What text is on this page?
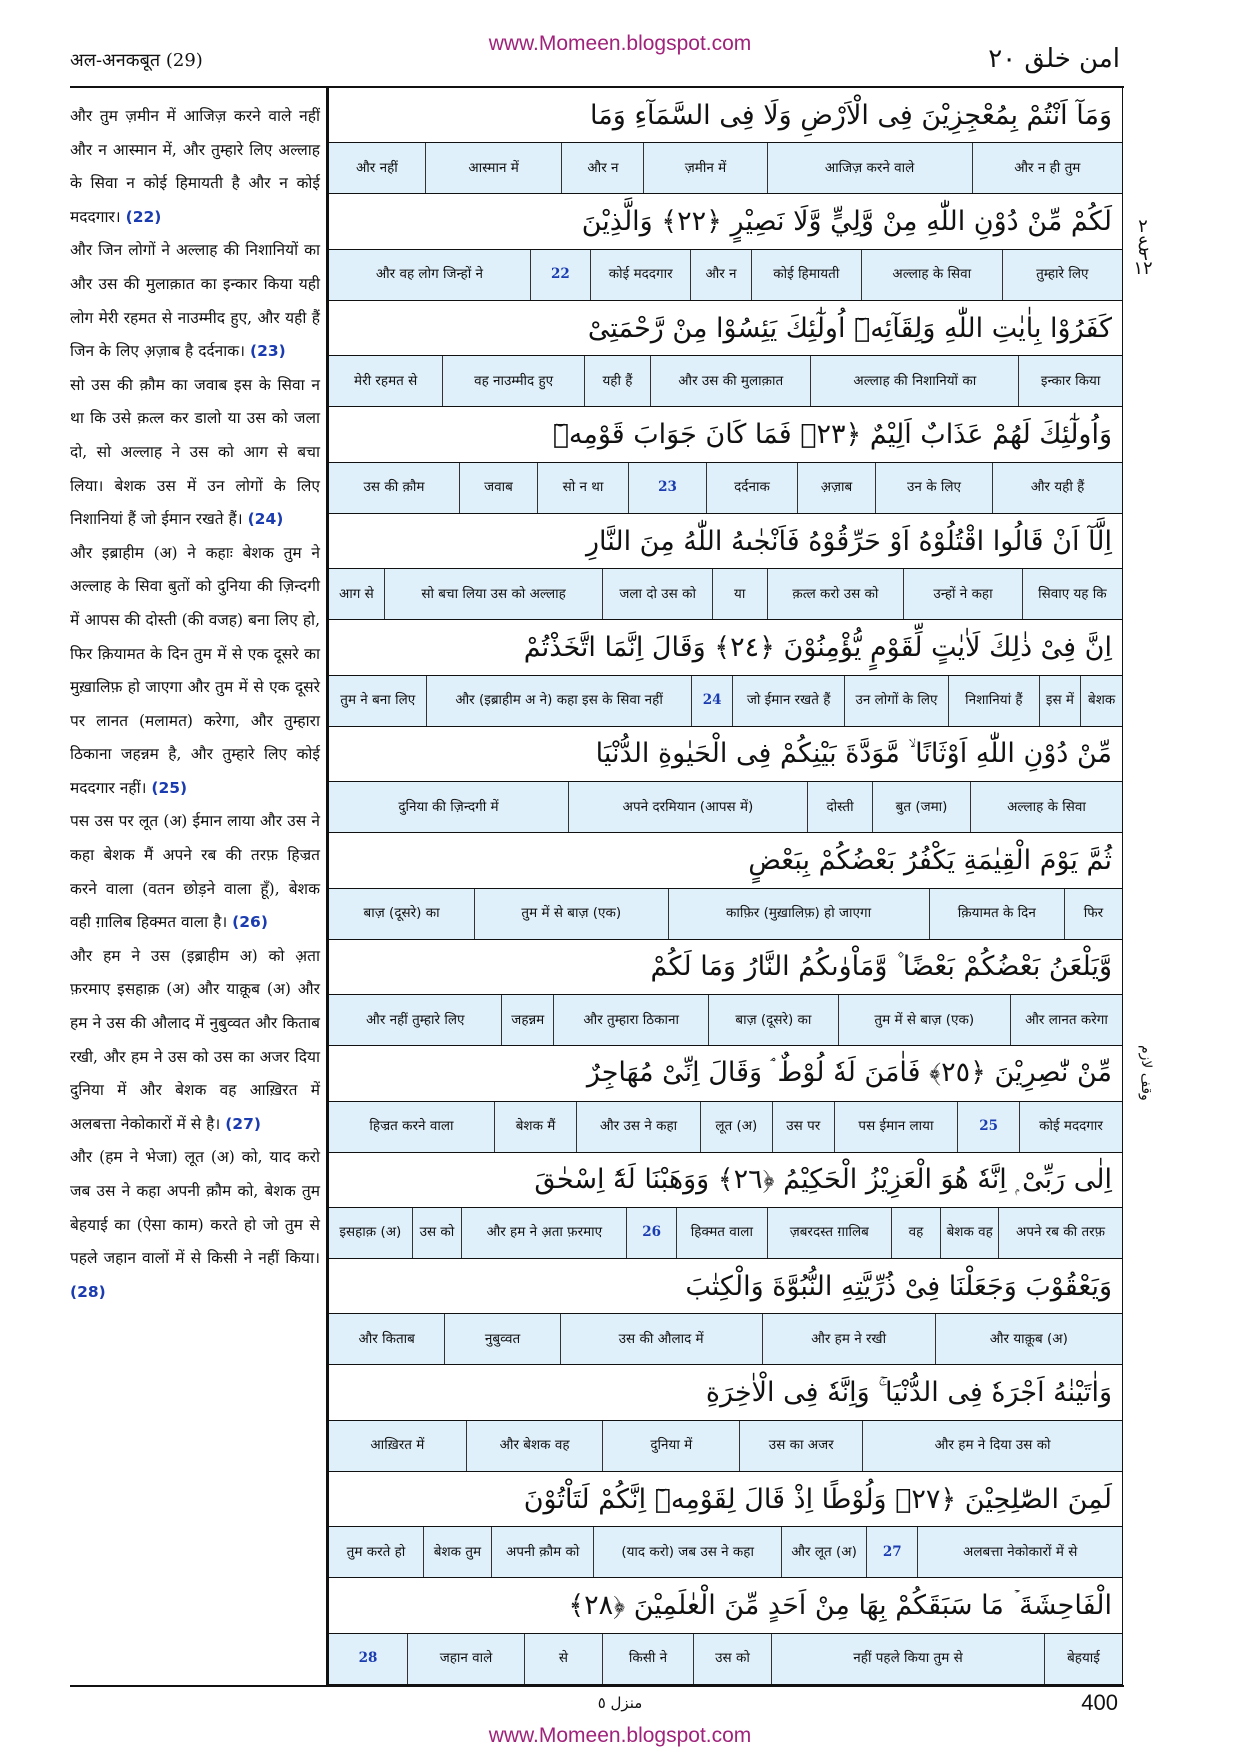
www.Momeen.blogspot.com
अल-अनकबूत (29)	امن خلق ٢٠
और तुम ज़मीन में आजिज़ करने वाले नहीं और न आस्मान में, और तुम्हारे लिए अल्लाह के सिवा न कोई हिमायती है और न कोई मददगार। (22)
और जिन लोगों ने अल्लाह की निशानियों का और उस की मुलाक़ात का इन्कार किया यही लोग मेरी रहमत से नाउम्मीद हुए, और यही हैं जिन के लिए अ़ज़ाब है दर्दनाक। (23)
सो उस की क़ौम का जवाब इस के सिवा न था कि उसे क़त्ल कर डालो या उस को जला दो, सो अल्लाह ने उस को आग से बचा लिया। बेशक उस में उन लोगों के लिए निशानियां हैं जो ईमान रखते हैं। (24)
और इब्राहीम (अ) ने कहाः बेशक तुम ने अल्लाह के सिवा बुतों को दुनिया की ज़िन्दगी में आपस की दोस्ती (की वजह) बना लिए हो, फिर क़ियामत के दिन तुम में से एक दूसरे का मुख़ालिफ़ हो जाएगा और तुम में से एक दूसरे पर लानत (मलामत) करेगा, और तुम्हारा ठिकाना जहन्नम है, और तुम्हारे लिए कोई मददगार नहीं। (25)
पस उस पर लूत (अ) ईमान लाया और उस ने कहा बेशक मैं अपने रब की तरफ़ हिज्रत करने वाला (वतन छोड़ने वाला हूँ), बेशक वही ग़ालिब हिक्मत वाला है। (26)
और हम ने उस (इब्राहीम अ) को अ़ता फ़रमाए इसहाक़ (अ) और याक़ूब (अ) और हम ने उस की औलाद में नुबुव्वत और किताब रखी, और हम ने उस को उस का अजर दिया दुनिया में और बेशक वह आख़िरत में अलबत्ता नेकोकारों में से है। (27)
और (हम ने भेजा) लूत (अ) को, याद करो जब उस ने कहा अपनी क़ौम को, बेशक तुम बेहयाई का (ऐसा काम) करते हो जो तुम से पहले जहान वालों में से किसी ने नहीं किया। (28)

وَمَآ اَنْتُمْ بِمُعْجِزِيْنَ فِى الْاَرْضِ وَلَا فِى السَّمَآءِ وَمَا
और न ही तुम
आजिज़ करने वाले
ज़मीन में
और न
आस्मान में
और नहीं
لَكُمْ مِّنْ دُوْنِ اللّٰهِ مِنْ وَّلِيٍّ وَّلَا نَصِيْرٍ ﴿٢٢﴾ وَالَّذِيْنَ
तुम्हारे लिए
अल्लाह के सिवा
कोई हिमायती
और न
कोई मददगार
22
और वह लोग जिन्हों ने
كَفَرُوْا بِاٰيٰتِ اللّٰهِ وَلِقَآئِهٖٓ اُولٰٓئِكَ يَئِسُوْا مِنْ رَّحْمَتِىْ
इन्कार किया
अल्लाह की निशानियों का
और उस की मुलाक़ात
यही हैं
वह नाउम्मीद हुए
मेरी रहमत से
وَاُولٰٓئِكَ لَهُمْ عَذَابٌ اَلِيْمٌ ﴿٢٣﴾ فَمَا كَانَ جَوَابَ قَوْمِهٖٓ
और यही हैं
उन के लिए
अ़ज़ाब
दर्दनाक
23
सो न था
जवाब
उस की क़ौम
اِلَّآ اَنْ قَالُوا اقْتُلُوْهُ اَوْ حَرِّقُوْهُ فَاَنْجٰىهُ اللّٰهُ مِنَ النَّارِ
सिवाए यह कि
उन्हों ने कहा
क़त्ल करो उस को
या
जला दो उस को
सो बचा लिया उस को अल्लाह
आग से
اِنَّ فِىْ ذٰلِكَ لَاٰيٰتٍ لِّقَوْمٍ يُّؤْمِنُوْنَ ﴿٢٤﴾ وَقَالَ اِنَّمَا اتَّخَذْتُمْ
बेशक
इस में
निशानियां हैं
उन लोगों के लिए
जो ईमान रखते हैं
24
और (इब्राहीम अ ने) कहा इस के सिवा नहीं
तुम ने बना लिए
مِّنْ دُوْنِ اللّٰهِ اَوْثَانًا ۙ مَّوَدَّةَ بَيْنِكُمْ فِى الْحَيٰوةِ الدُّنْيَا
अल्लाह के सिवा
बुत (जमा)
दोस्ती
अपने दरमियान (आपस में)
दुनिया की ज़िन्दगी में
ثُمَّ يَوْمَ الْقِيٰمَةِ يَكْفُرُ بَعْضُكُمْ بِبَعْضٍ
फिर
क़ियामत के दिन
काफ़िर (मुख़ालिफ़) हो जाएगा
तुम में से बाज़ (एक)
बाज़ (दूसरे) का
وَّيَلْعَنُ بَعْضُكُمْ بَعْضًا ۫ وَّمَاْوٰىكُمُ النَّارُ وَمَا لَكُمْ
और लानत करेगा
तुम में से बाज़ (एक)
बाज़ (दूसरे) का
और तुम्हारा ठिकाना
जहन्नम
और नहीं तुम्हारे लिए
مِّنْ نّٰصِرِيْنَ ﴿٢٥﴾ فَاٰمَنَ لَهٗ لُوْطٌ ۘ وَقَالَ اِنِّىْ مُهَاجِرٌ
कोई मददगार
25
पस ईमान लाया
उस पर
लूत (अ)
और उस ने कहा
बेशक मैं
हिज्रत करने वाला
اِلٰى رَبِّىْ ۭ اِنَّهٗ هُوَ الْعَزِيْزُ الْحَكِيْمُ ﴿٢٦﴾ وَوَهَبْنَا لَهٗٓ اِسْحٰقَ
अपने रब की तरफ़
बेशक वह
वह
ज़बरदस्त ग़ालिब
हिक्मत वाला
26
और हम ने अ़ता फ़रमाए
उस को
इसहाक़ (अ)
وَيَعْقُوْبَ وَجَعَلْنَا فِىْ ذُرِّيَّتِهِ النُّبُوَّةَ وَالْكِتٰبَ
और याक़ूब (अ)
और हम ने रखी
उस की औलाद में
नुबुव्वत
और किताब
وَاٰتَيْنٰهُ اَجْرَهٗ فِى الدُّنْيَا ۚ وَاِنَّهٗ فِى الْاٰخِرَةِ
और हम ने दिया उस को
उस का अजर
दुनिया में
और बेशक वह
आख़िरत में
لَمِنَ الصّٰلِحِيْنَ ﴿٢٧﴾ وَلُوْطًا اِذْ قَالَ لِقَوْمِهٖٓ اِنَّكُمْ لَتَاْتُوْنَ
अलबत्ता नेकोकारों में से
27
और लूत (अ)
(याद करो) जब उस ने कहा
अपनी क़ौम को
बेशक तुम
तुम करते हो
الْفَاحِشَةَ ۡ مَا سَبَقَكُمْ بِهَا مِنْ اَحَدٍ مِّنَ الْعٰلَمِيْنَ ﴿٢٨﴾
बेहयाई
नहीं पहले किया तुम से
उस को
किसी ने
से
जहान वाले
28
٢ ع ٩ ١٢
وقف لازم
منزل ٥	400
www.Momeen.blogspot.com
